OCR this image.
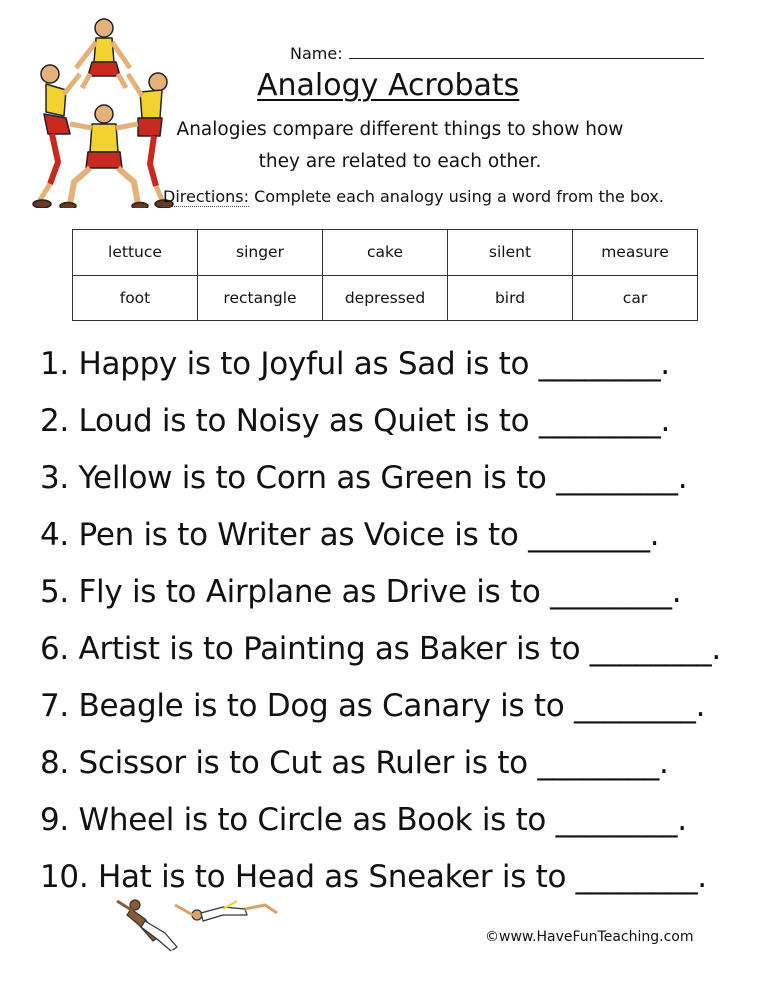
Name:
Analogy Acrobats
Analogies compare different things to show how
they are related to each other.
Directions: Complete each analogy using a word from the box.
lettuce	singer	cake	silent	measure
foot	rectangle	depressed	bird	car
1. Happy is to Joyful as Sad is to ________.
2. Loud is to Noisy as Quiet is to ________.
3. Yellow is to Corn as Green is to ________.
4. Pen is to Writer as Voice is to ________.
5. Fly is to Airplane as Drive is to ________.
6. Artist is to Painting as Baker is to ________.
7. Beagle is to Dog as Canary is to ________.
8. Scissor is to Cut as Ruler is to ________.
9. Wheel is to Circle as Book is to ________.
10. Hat is to Head as Sneaker is to ________.
©www.HaveFunTeaching.com
